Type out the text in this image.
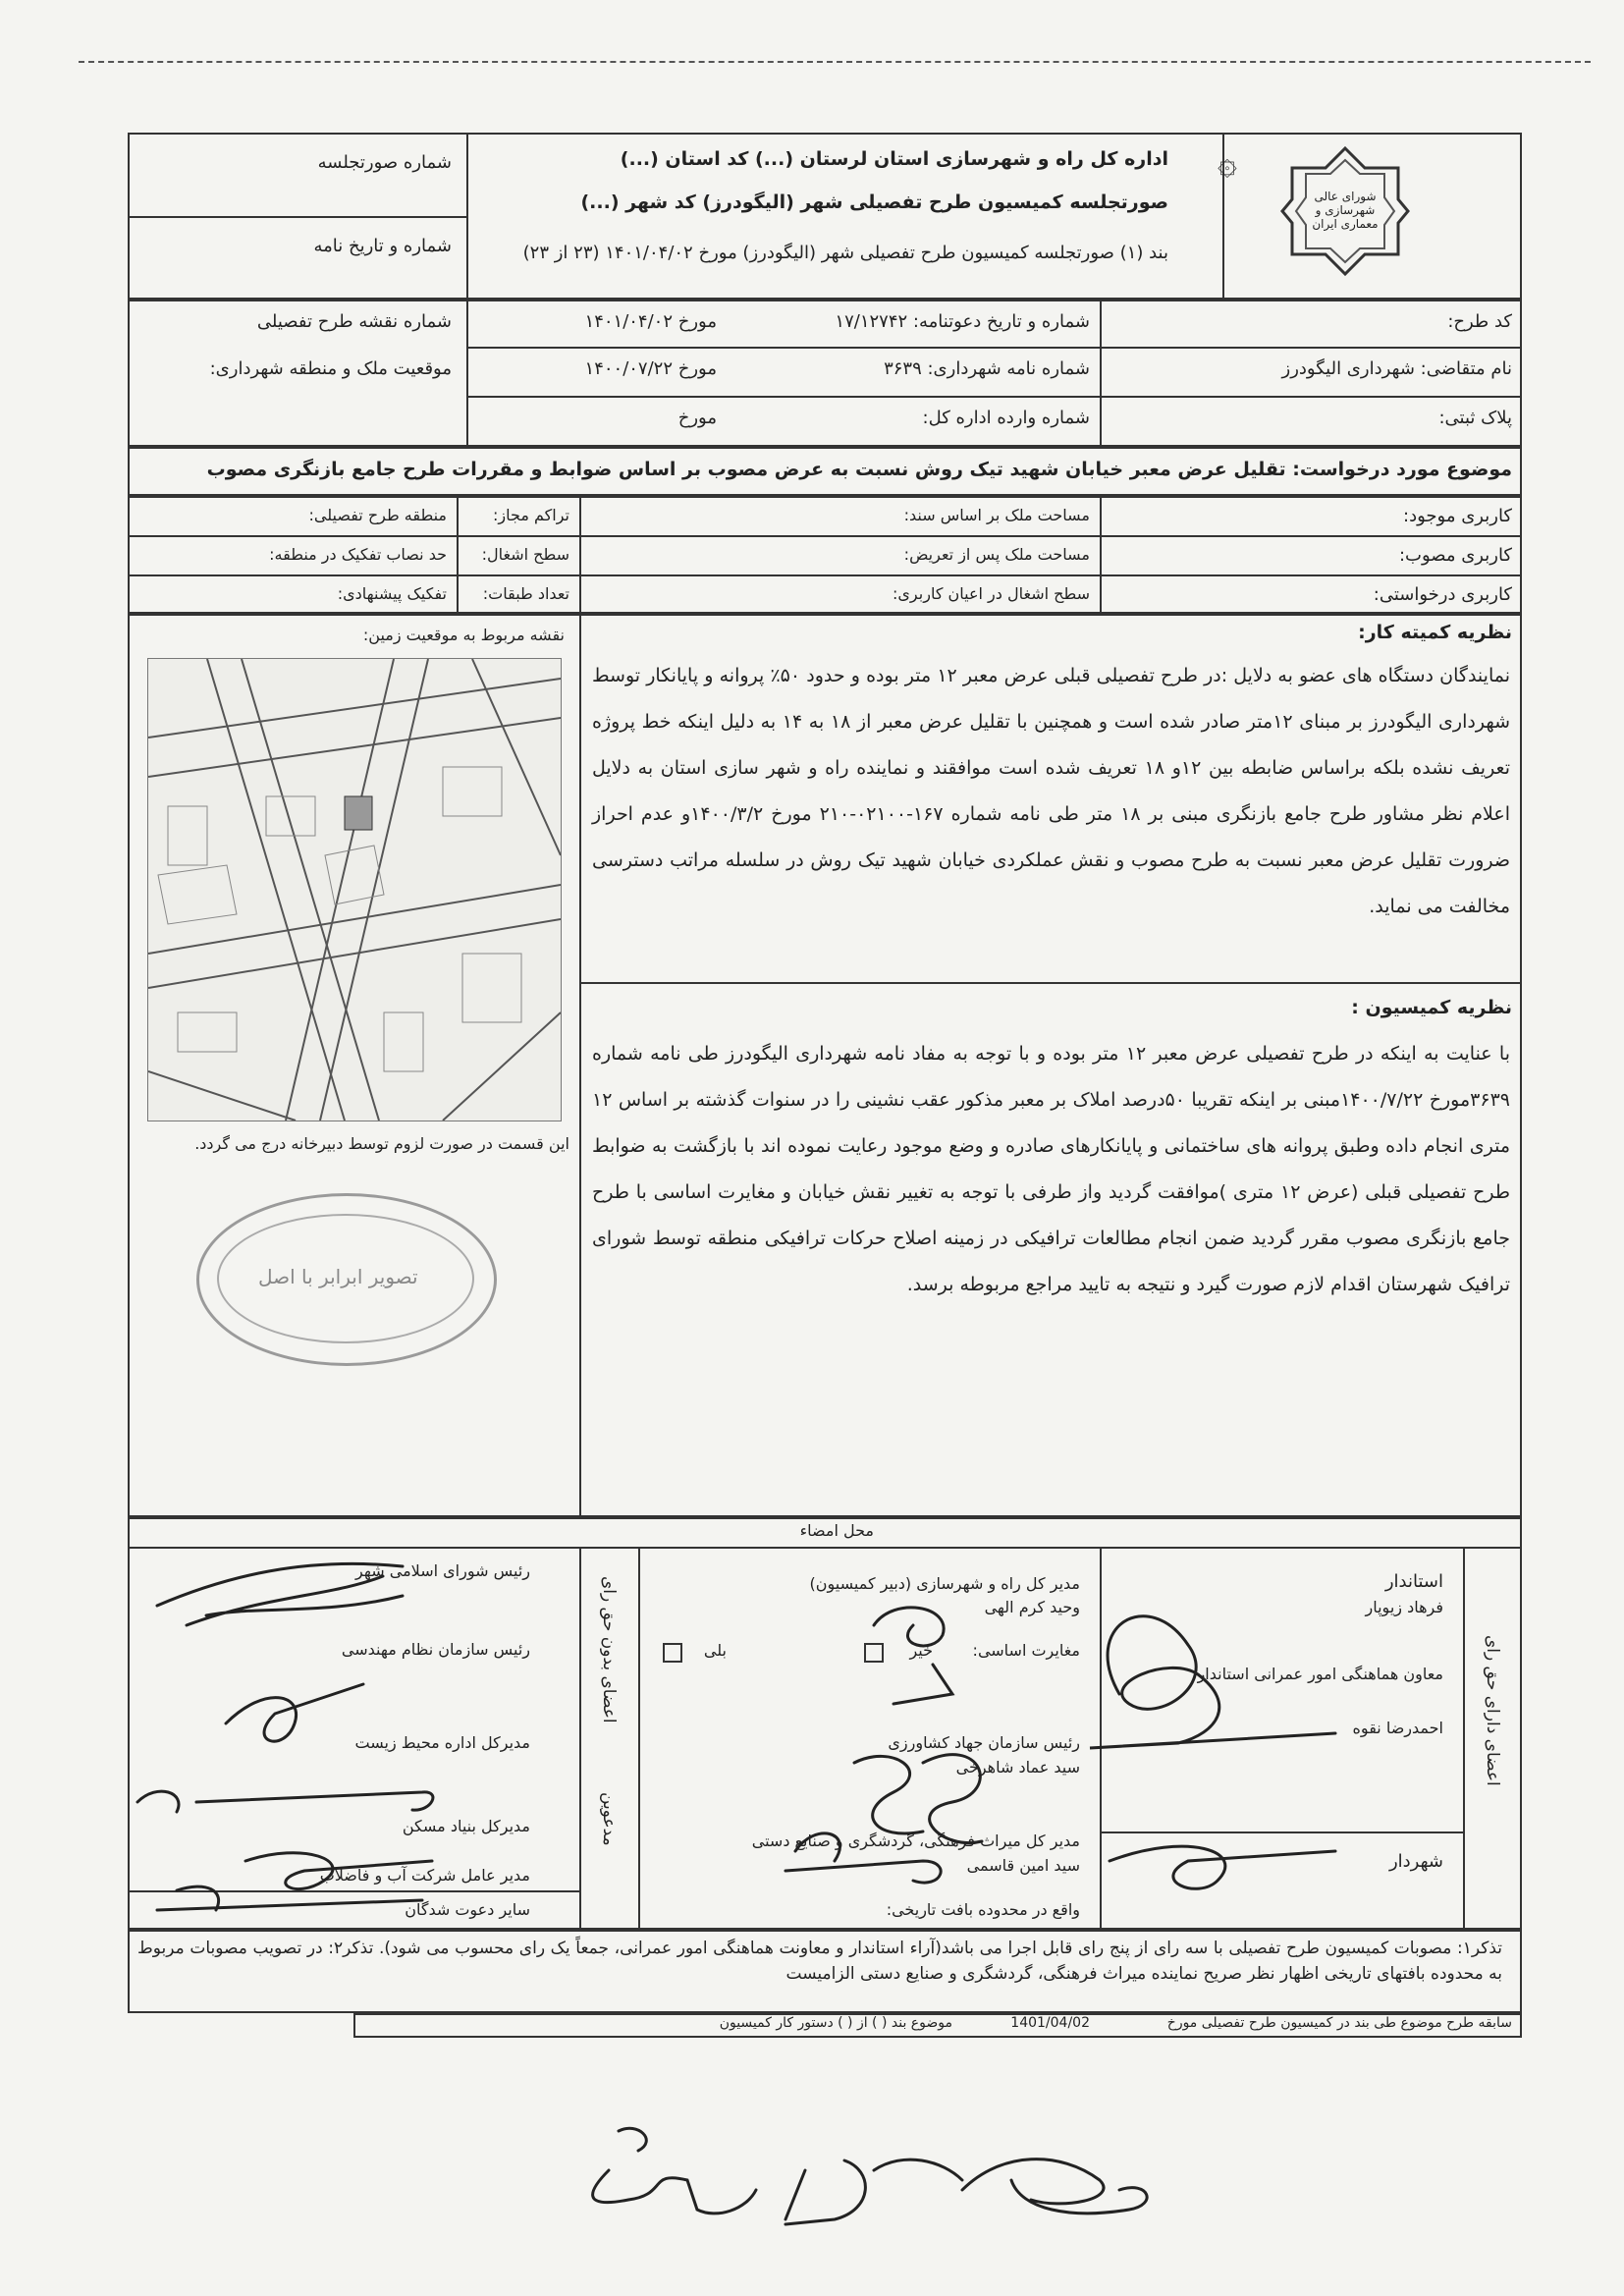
شورای عالی شهرسازی و معماری ایران
۞
اداره کل راه و شهرسازی استان لرستان (...) کد استان (...)
صورتجلسه کمیسیون طرح تفصیلی شهر (الیگودرز) کد شهر (...)
بند (۱) صورتجلسه کمیسیون طرح تفصیلی شهر (الیگودرز) مورخ ۱۴۰۱/۰۴/۰۲ (۲۳ از ۲۳)
شماره صورتجلسه
شماره و تاریخ نامه
کد طرح:
نام متقاضی: شهرداری الیگودرز
پلاک ثبتی:
شماره و تاریخ دعوتنامه: ۱۷/۱۲۷۴۲
مورخ ۱۴۰۱/۰۴/۰۲
شماره نامه شهرداری: ۳۶۳۹
مورخ ۱۴۰۰/۰۷/۲۲
شماره وارده اداره کل:
مورخ
شماره نقشه طرح تفصیلی
موقعیت ملک و منطقه شهرداری:
موضوع مورد درخواست: تقلیل عرض معبر خیابان شهید تیک روش نسبت به عرض مصوب بر اساس ضوابط و مقررات طرح جامع بازنگری مصوب
کاربری موجود:
کاربری مصوب:
کاربری درخواستی:
مساحت ملک بر اساس سند:
مساحت ملک پس از تعریض:
سطح اشغال در اعیان کاربری:
تراکم مجاز:
سطح اشغال:
تعداد طبقات:
منطقه طرح تفصیلی:
حد نصاب تفکیک در منطقه:
تفکیک پیشنهادی:
نقشه مربوط به موقعیت زمین:
این قسمت در صورت لزوم توسط دبیرخانه درج می گردد.
تصویر ابرابر با اصل
نظریه کمیته کار:
نمایندگان دستگاه های عضو به دلایل :در طرح تفصیلی قبلی عرض معبر ۱۲ متر بوده و حدود ۵۰٪ پروانه و پایانکار توسط شهرداری الیگودرز بر مبنای ۱۲متر صادر شده است و همچنین با تقلیل عرض معبر از ۱۸ به ۱۴ به دلیل اینکه خط پروژه تعریف نشده بلکه براساس ضابطه بین ۱۲و ۱۸ تعریف شده است موافقند و نماینده راه و شهر سازی استان به دلایل اعلام نظر مشاور طرح جامع بازنگری مبنی بر ۱۸ متر طی نامه شماره ۱۶۷-۰۲۱۰۰-۲۱۰ مورخ ۱۴۰۰/۳/۲و عدم احراز ضرورت تقلیل عرض معبر نسبت به طرح مصوب و نقش عملکردی خیابان شهید تیک روش در سلسله مراتب دسترسی مخالفت می نماید.
نظریه کمیسیون :
با عنایت به اینکه در طرح تفصیلی عرض معبر ۱۲ متر بوده و با توجه به مفاد نامه شهرداری الیگودرز طی نامه شماره ۳۶۳۹مورخ ۱۴۰۰/۷/۲۲مبنی بر اینکه تقریبا ۵۰درصد املاک بر معبر مذکور عقب نشینی را در سنوات گذشته بر اساس ۱۲ متری انجام داده وطبق پروانه های ساختمانی و پایانکارهای صادره و وضع موجود رعایت نموده اند با بازگشت به ضوابط طرح تفصیلی قبلی (عرض ۱۲ متری )موافقت گردید واز طرفی با توجه به تغییر نقش خیابان و مغایرت اساسی با طرح جامع بازنگری مصوب مقرر گردید ضمن انجام مطالعات ترافیکی در زمینه اصلاح حرکات ترافیکی منطقه توسط شورای ترافیک شهرستان اقدام لازم صورت گیرد و نتیجه به تایید مراجع مربوطه برسد.
محل امضاء
اعضای دارای حق رای
اعضای بدون حق رای
مدعوین
استاندار
فرهاد زیوپار
معاون هماهنگی امور عمرانی استاندار
احمدرضا نقوه
شهردار
مدیر کل راه و شهرسازی (دبیر کمیسیون)
وحید کرم الهی
مغایرت اساسی:
خیر
بلی
رئیس سازمان جهاد کشاورزی
سید عماد شاهرخی
مدیر کل میراث فرهنگی، گردشگری و صنایع دستی
سید امین قاسمی
واقع در محدوده بافت تاریخی:
رئیس شورای اسلامی شهر
رئیس سازمان نظام مهندسی
مدیرکل اداره محیط زیست
مدیرکل بنیاد مسکن
مدیر عامل شرکت آب و فاضلاب
سایر دعوت شدگان
تذکر۱: مصوبات کمیسیون طرح تفصیلی با سه رای از پنج رای قابل اجرا می باشد(آراء استاندار و معاونت هماهنگی امور عمرانی، جمعاً یک رای محسوب می شود). تذکر۲: در تصویب مصوبات مربوط به محدوده بافتهای تاریخی اظهار نظر صریح نماینده میراث فرهنگی، گردشگری و صنایع دستی الزامیست
سابقه طرح موضوع طی بند در کمیسیون طرح تفصیلی مورخ
1401/04/02
موضوع بند ( ) از ( ) دستور کار کمیسیون
